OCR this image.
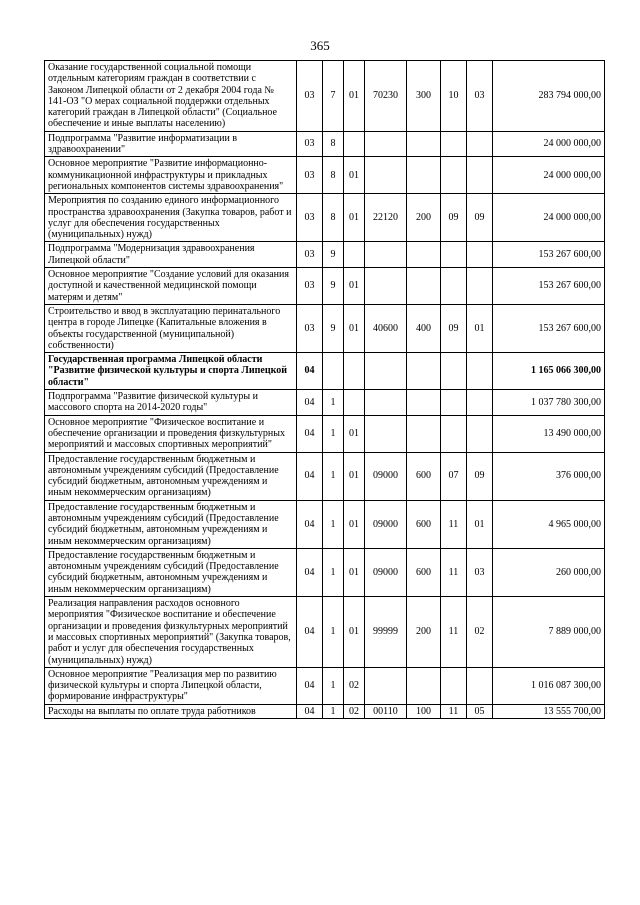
365
Оказание государственной социальной помощи отдельным категориям граждан в соответствии с Законом Липецкой области от 2 декабря 2004 года № 141-ОЗ "О мерах социальной поддержки отдельных категорий граждан в Липецкой области" (Социальное обеспечение и иные выплаты населению)	03	7	01	70230	300	10	03	283 794 000,00
Подпрограмма "Развитие информатизации в здравоохранении"	03	8						24 000 000,00
Основное мероприятие "Развитие информационно-коммуникационной инфраструктуры и прикладных региональных компонентов системы здравоохранения"	03	8	01					24 000 000,00
Мероприятия по созданию единого информационного пространства здравоохранения (Закупка товаров, работ и услуг для обеспечения государственных (муниципальных) нужд)	03	8	01	22120	200	09	09	24 000 000,00
Подпрограмма "Модернизация здравоохранения Липецкой области"	03	9						153 267 600,00
Основное мероприятие "Создание условий для оказания доступной и качественной медицинской помощи матерям и детям"	03	9	01					153 267 600,00
Строительство и ввод в эксплуатацию перинатального центра в городе Липецке (Капитальные вложения в объекты государственной (муниципальной) собственности)	03	9	01	40600	400	09	01	153 267 600,00
Государственная программа Липецкой области "Развитие физической культуры и спорта Липецкой области"	04							1 165 066 300,00
Подпрограмма "Развитие физической культуры и массового спорта на 2014-2020 годы"	04	1						1 037 780 300,00
Основное мероприятие "Физическое воспитание и обеспечение организации и проведения физкультурных мероприятий и массовых спортивных мероприятий"	04	1	01					13 490 000,00
Предоставление государственным бюджетным и автономным учреждениям субсидий (Предоставление субсидий бюджетным, автономным учреждениям и иным некоммерческим организациям)	04	1	01	09000	600	07	09	376 000,00
Предоставление государственным бюджетным и автономным учреждениям субсидий (Предоставление субсидий бюджетным, автономным учреждениям и иным некоммерческим организациям)	04	1	01	09000	600	11	01	4 965 000,00
Предоставление государственным бюджетным и автономным учреждениям субсидий (Предоставление субсидий бюджетным, автономным учреждениям и иным некоммерческим организациям)	04	1	01	09000	600	11	03	260 000,00
Реализация направления расходов основного мероприятия "Физическое воспитание и обеспечение организации и проведения физкультурных мероприятий и массовых спортивных мероприятий" (Закупка товаров, работ и услуг для обеспечения государственных (муниципальных) нужд)	04	1	01	99999	200	11	02	7 889 000,00
Основное мероприятие "Реализация мер по развитию физической культуры и спорта Липецкой области, формирование инфраструктуры"	04	1	02					1 016 087 300,00
Расходы на выплаты по оплате труда работников	04	1	02	00110	100	11	05	13 555 700,00
